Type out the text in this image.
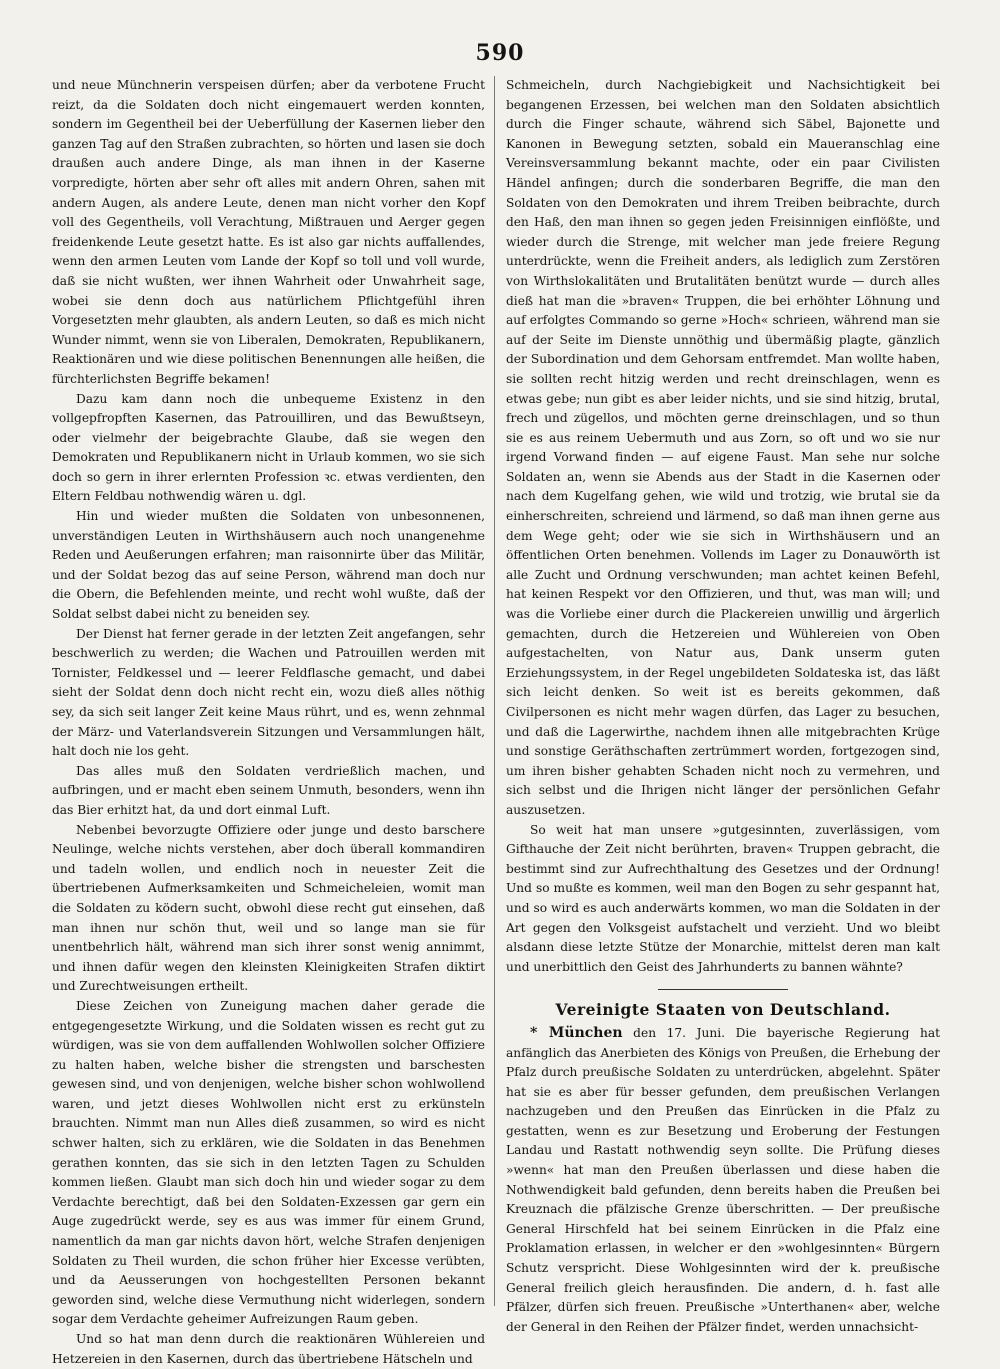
590

und neue Münchnerin verspeisen dürfen; aber da verbotene Frucht reizt, da die Soldaten doch nicht eingemauert werden konnten, sondern im Gegentheil bei der Ueberfüllung der Kasernen lieber den ganzen Tag auf den Straßen zubrachten, so hörten und lasen sie doch draußen auch andere Dinge, als man ihnen in der Kaserne vorpredigte, hörten aber sehr oft alles mit andern Ohren, sahen mit andern Augen, als andere Leute, denen man nicht vorher den Kopf voll des Gegentheils, voll Verachtung, Mißtrauen und Aerger gegen freidenkende Leute gesetzt hatte. Es ist also gar nichts auffallendes, wenn den armen Leuten vom Lande der Kopf so toll und voll wurde, daß sie nicht wußten, wer ihnen Wahrheit oder Unwahrheit sage, wobei sie denn doch aus natürlichem Pflichtgefühl ihren Vorgesetzten mehr glaubten, als andern Leuten, so daß es mich nicht Wunder nimmt, wenn sie von Liberalen, Demokraten, Republikanern, Reaktionären und wie diese politischen Benennungen alle heißen, die fürchterlichsten Begriffe bekamen!

Dazu kam dann noch die unbequeme Existenz in den vollgepfropften Kasernen, das Patrouilliren, und das Bewußtseyn, oder vielmehr der beigebrachte Glaube, daß sie wegen den Demokraten und Republikanern nicht in Urlaub kommen, wo sie sich doch so gern in ihrer erlernten Profession ꝛc. etwas verdienten, den Eltern Feldbau nothwendig wären u. dgl.

Hin und wieder mußten die Soldaten von unbesonnenen, unverständigen Leuten in Wirthshäusern auch noch unangenehme Reden und Aeußerungen erfahren; man raisonnirte über das Militär, und der Soldat bezog das auf seine Person, während man doch nur die Obern, die Befehlenden meinte, und recht wohl wußte, daß der Soldat selbst dabei nicht zu beneiden sey.

Der Dienst hat ferner gerade in der letzten Zeit angefangen, sehr beschwerlich zu werden; die Wachen und Patrouillen werden mit Tornister, Feldkessel und — leerer Feldflasche gemacht, und dabei sieht der Soldat denn doch nicht recht ein, wozu dieß alles nöthig sey, da sich seit langer Zeit keine Maus rührt, und es, wenn zehnmal der März- und Vaterlandsverein Sitzungen und Versammlungen hält, halt doch nie los geht.

Das alles muß den Soldaten verdrießlich machen, und aufbringen, und er macht eben seinem Unmuth, besonders, wenn ihn das Bier erhitzt hat, da und dort einmal Luft.

Nebenbei bevorzugte Offiziere oder junge und desto barschere Neulinge, welche nichts verstehen, aber doch überall kommandiren und tadeln wollen, und endlich noch in neuester Zeit die übertriebenen Aufmerksamkeiten und Schmeicheleien, womit man die Soldaten zu ködern sucht, obwohl diese recht gut einsehen, daß man ihnen nur schön thut, weil und so lange man sie für unentbehrlich hält, während man sich ihrer sonst wenig annimmt, und ihnen dafür wegen den kleinsten Kleinigkeiten Strafen diktirt und Zurechtweisungen ertheilt.

Diese Zeichen von Zuneigung machen daher gerade die entgegengesetzte Wirkung, und die Soldaten wissen es recht gut zu würdigen, was sie von dem auffallenden Wohlwollen solcher Offiziere zu halten haben, welche bisher die strengsten und barschesten gewesen sind, und von denjenigen, welche bisher schon wohlwollend waren, und jetzt dieses Wohlwollen nicht erst zu erkünsteln brauchten. Nimmt man nun Alles dieß zusammen, so wird es nicht schwer halten, sich zu erklären, wie die Soldaten in das Benehmen gerathen konnten, das sie sich in den letzten Tagen zu Schulden kommen ließen. Glaubt man sich doch hin und wieder sogar zu dem Verdachte berechtigt, daß bei den Soldaten-Exzessen gar gern ein Auge zugedrückt werde, sey es aus was immer für einem Grund, namentlich da man gar nichts davon hört, welche Strafen denjenigen Soldaten zu Theil wurden, die schon früher hier Excesse verübten, und da Aeusserungen von hochgestellten Personen bekannt geworden sind, welche diese Vermuthung nicht widerlegen, sondern sogar dem Verdachte geheimer Aufreizungen Raum geben.

Und so hat man denn durch die reaktionären Wühlereien und Hetzereien in den Kasernen, durch das übertriebene Hätscheln und

Schmeicheln, durch Nachgiebigkeit und Nachsichtigkeit bei begangenen Erzessen, bei welchen man den Soldaten absichtlich durch die Finger schaute, während sich Säbel, Bajonette und Kanonen in Bewegung setzten, sobald ein Maueranschlag eine Vereinsversammlung bekannt machte, oder ein paar Civilisten Händel anfingen; durch die sonderbaren Begriffe, die man den Soldaten von den Demokraten und ihrem Treiben beibrachte, durch den Haß, den man ihnen so gegen jeden Freisinnigen einflößte, und wieder durch die Strenge, mit welcher man jede freiere Regung unterdrückte, wenn die Freiheit anders, als lediglich zum Zerstören von Wirthslokalitäten und Brutalitäten benützt wurde — durch alles dieß hat man die »braven« Truppen, die bei erhöhter Löhnung und auf erfolgtes Commando so gerne »Hoch« schrieen, während man sie auf der Seite im Dienste unnöthig und übermäßig plagte, gänzlich der Subordination und dem Gehorsam entfremdet. Man wollte haben, sie sollten recht hitzig werden und recht dreinschlagen, wenn es etwas gebe; nun gibt es aber leider nichts, und sie sind hitzig, brutal, frech und zügellos, und möchten gerne dreinschlagen, und so thun sie es aus reinem Uebermuth und aus Zorn, so oft und wo sie nur irgend Vorwand finden — auf eigene Faust. Man sehe nur solche Soldaten an, wenn sie Abends aus der Stadt in die Kasernen oder nach dem Kugelfang gehen, wie wild und trotzig, wie brutal sie da einherschreiten, schreiend und lärmend, so daß man ihnen gerne aus dem Wege geht; oder wie sie sich in Wirthshäusern und an öffentlichen Orten benehmen. Vollends im Lager zu Donauwörth ist alle Zucht und Ordnung verschwunden; man achtet keinen Befehl, hat keinen Respekt vor den Offizieren, und thut, was man will; und was die Vorliebe einer durch die Plackereien unwillig und ärgerlich gemachten, durch die Hetzereien und Wühlereien von Oben aufgestachelten, von Natur aus, Dank unserm guten Erziehungssystem, in der Regel ungebildeten Soldateska ist, das läßt sich leicht denken. So weit ist es bereits gekommen, daß Civilpersonen es nicht mehr wagen dürfen, das Lager zu besuchen, und daß die Lagerwirthe, nachdem ihnen alle mitgebrachten Krüge und sonstige Geräthschaften zertrümmert worden, fortgezogen sind, um ihren bisher gehabten Schaden nicht noch zu vermehren, und sich selbst und die Ihrigen nicht länger der persönlichen Gefahr auszusetzen.

So weit hat man unsere »gutgesinnten, zuverlässigen, vom Gifthauche der Zeit nicht berührten, braven« Truppen gebracht, die bestimmt sind zur Aufrechthaltung des Gesetzes und der Ordnung! Und so mußte es kommen, weil man den Bogen zu sehr gespannt hat, und so wird es auch anderwärts kommen, wo man die Soldaten in der Art gegen den Volksgeist aufstachelt und verzieht. Und wo bleibt alsdann diese letzte Stütze der Monarchie, mittelst deren man kalt und unerbittlich den Geist des Jahrhunderts zu bannen wähnte?

Vereinigte Staaten von Deutschland.

* München den 17. Juni. Die bayerische Regierung hat anfänglich das Anerbieten des Königs von Preußen, die Erhebung der Pfalz durch preußische Soldaten zu unterdrücken, abgelehnt. Später hat sie es aber für besser gefunden, dem preußischen Verlangen nachzugeben und den Preußen das Einrücken in die Pfalz zu gestatten, wenn es zur Besetzung und Eroberung der Festungen Landau und Rastatt nothwendig seyn sollte. Die Prüfung dieses »wenn« hat man den Preußen überlassen und diese haben die Nothwendigkeit bald gefunden, denn bereits haben die Preußen bei Kreuznach die pfälzische Grenze überschritten. — Der preußische General Hirschfeld hat bei seinem Einrücken in die Pfalz eine Proklamation erlassen, in welcher er den »wohlgesinnten« Bürgern Schutz verspricht. Diese Wohlgesinnten wird der k. preußische General freilich gleich herausfinden. Die andern, d. h. fast alle Pfälzer, dürfen sich freuen. Preußische »Unterthanen« aber, welche der General in den Reihen der Pfälzer findet, werden unnachsicht-
